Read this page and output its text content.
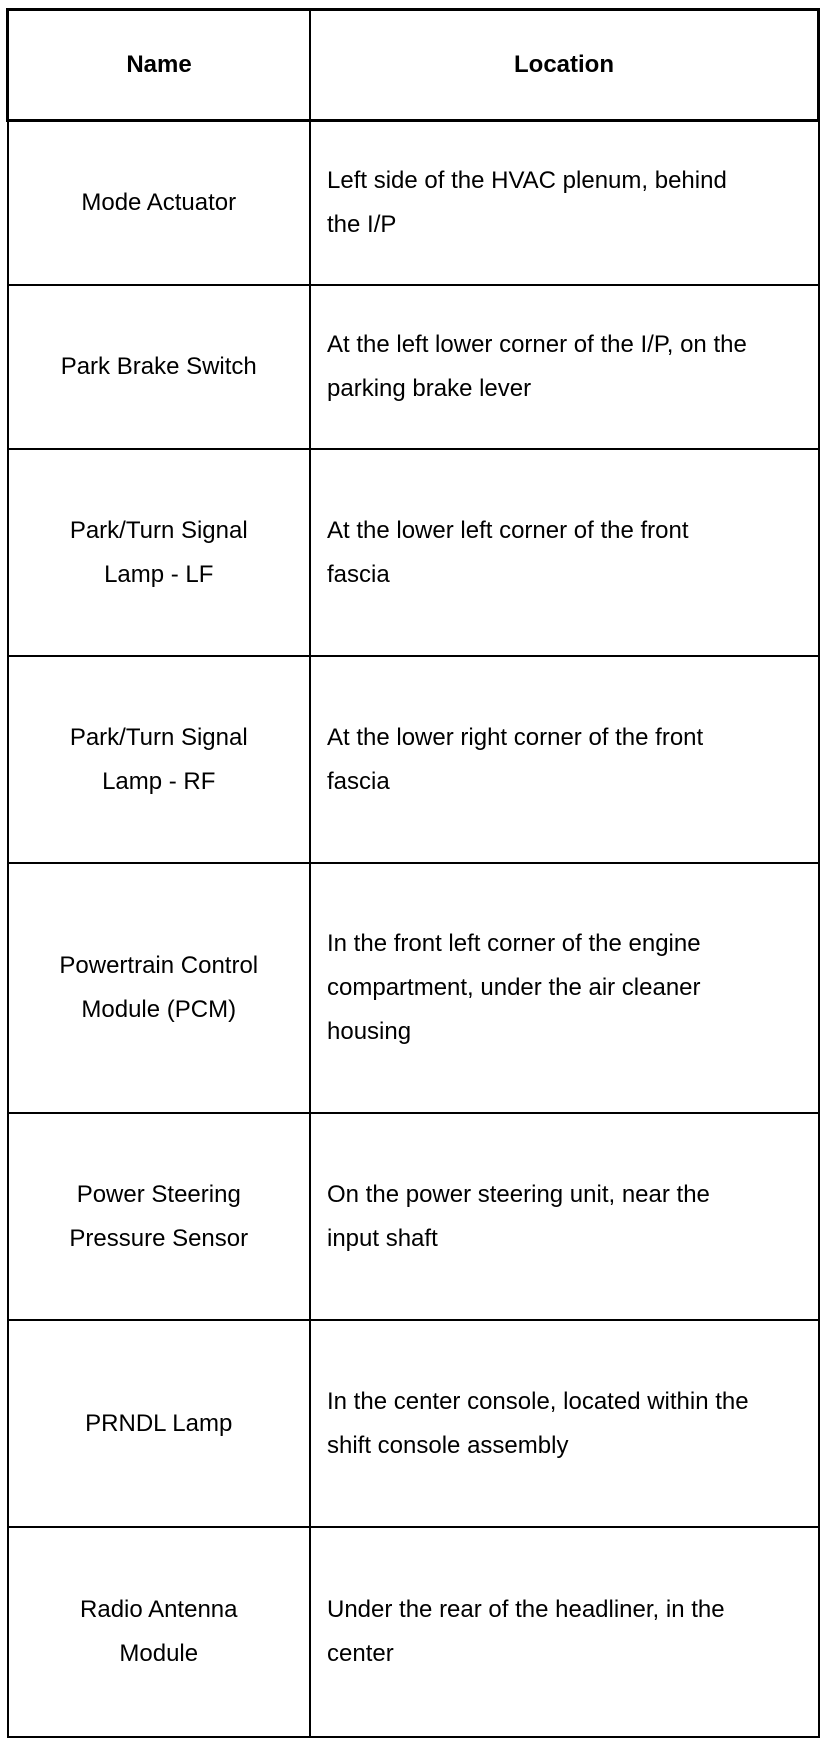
Name	Location
Mode Actuator	Left side of the HVAC plenum, behind the I/P
Park Brake Switch	At the left lower corner of the I/P, on the parking brake lever

Park/Turn Signal Lamp - LF	At the lower left corner of the front fascia

Park/Turn Signal Lamp - RF	At the lower right corner of the front fascia
Powertrain Control Module (PCM)	In the front left corner of the engine compartment, under the air cleaner housing

Power Steering Pressure Sensor	On the power steering unit, near the input shaft
PRNDL Lamp	In the center console, located within the shift console assembly

Radio Antenna Module	Under the rear of the headliner, in the center
